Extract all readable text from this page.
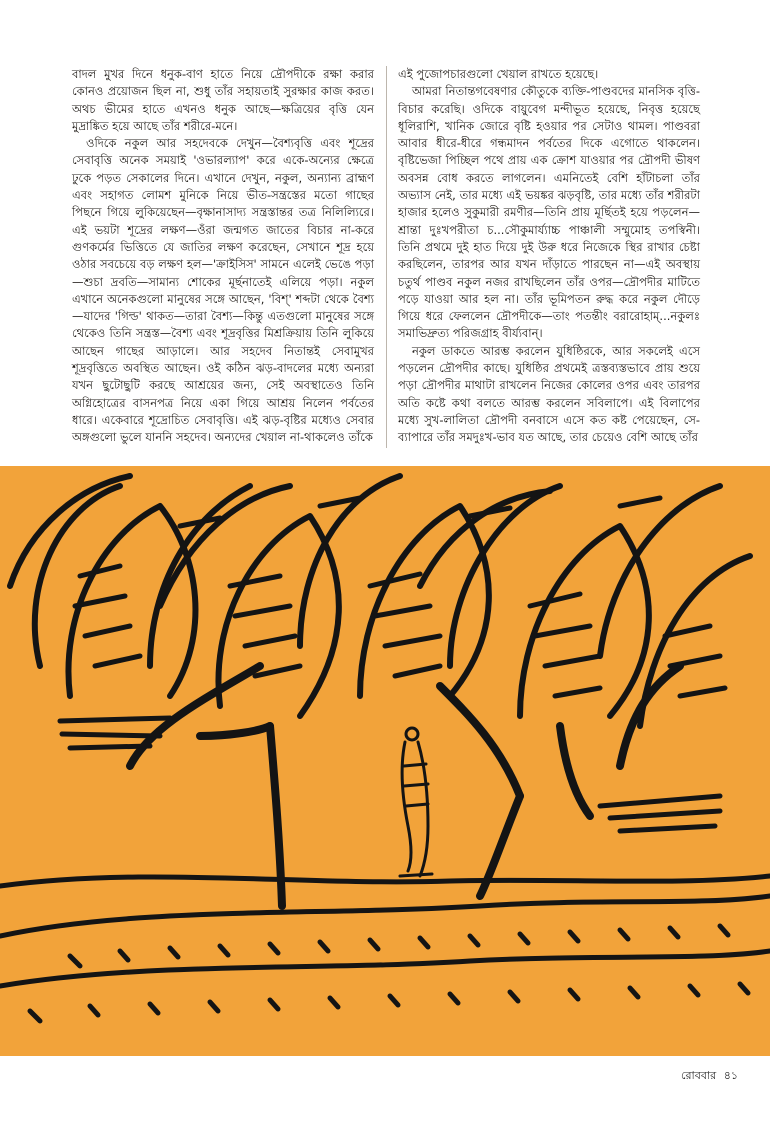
বাদল মুখর দিনে ধনুক-বাণ হাতে নিয়ে দ্রৌপদীকে রক্ষা করার কোনও প্রয়োজন ছিল না, শুধু তাঁর সহায়তাই সুরক্ষার কাজ করত। অথচ ভীমের হাতে এখনও ধনুক আছে—ক্ষত্রিয়ের বৃত্তি যেন মুদ্রাঙ্কিত হয়ে আছে তাঁর শরীরে-মনে।

ওদিকে নকুল আর সহদেবকে দেখুন—বৈশ্যবৃত্তি এবং শূদ্রের সেবাবৃত্তি অনেক সময়াই 'ওভারল্যাপ' করে একে-অন্যের ক্ষেত্রে ঢুকে পড়ত সেকালের দিনে। এখানে দেখুন, নকুল, অন্যান্য ব্রাহ্মণ এবং সহাগত লোমশ মুনিকে নিয়ে ভীত-সন্ত্রস্তের মতো গাছের পিছনে গিয়ে লুকিয়েছেন—বৃক্ষানাসাদ্য সন্ত্রস্তান্তর তত্র নিলিল্যিরে। এই ভয়টা শূদ্রের লক্ষণ—ওঁরা জন্মগত জাতের বিচার না-করে গুণকর্মের ভিত্তিতে যে জাতির লক্ষণ করেছেন, সেখানে শূদ্র হয়ে ওঠার সবচেয়ে বড় লক্ষণ হল—'ক্রাইসিস' সামনে এলেই ভেঙে পড়া—শুচা দ্রবতি—সামান্য শোকের মূর্ছনাতেই এলিয়ে পড়া। নকুল এখানে অনেকগুলো মানুষের সঙ্গে আছেন, 'বিশ্' শব্দটা থেকে বৈশ্য—যাদের 'গিল্ড' থাকত—তারা বৈশ্য—কিন্তু এতগুলো মানুষের সঙ্গে থেকেও তিনি সন্ত্রস্ত—বৈশ্য এবং শূদ্রবৃত্তির মিশ্রক্রিয়ায় তিনি লুকিয়ে আছেন গাছের আড়ালে। আর সহদেব নিতান্তই সেবামুখর শূদ্রবৃত্তিতে অবস্থিত আছেন। ওই কঠিন ঝড়-বাদলের মধ্যে অন্যরা যখন ছুটোছুটি করছে আশ্রয়ের জন্য, সেই অবস্থাতেও তিনি অগ্নিহোত্রের বাসনপত্র নিয়ে একা গিয়ে আশ্রয় নিলেন পর্বতের ধারে। একেবারে শূদ্রোচিত সেবাবৃত্তি। এই ঝড়-বৃষ্টির মধ্যেও সেবার অঙ্গগুলো ভুলে যাননি সহদেব। অন্যদের খেয়াল না-থাকলেও তাঁকে

এই পুজোপচারগুলো খেয়াল রাখতে হয়েছে।

আমরা নিতান্তগবেষণার কৌতুকে ব্যক্তি-পাণ্ডবদের মানসিক বৃত্তি-বিচার করেছি। ওদিকে বায়ুবেগ মন্দীভূত হয়েছে, নিবৃত্ত হয়েছে ধূলিরাশি, খানিক জোরে বৃষ্টি হওয়ার পর সেটাও থামল। পাণ্ডবরা আবার ধীরে-ধীরে গন্ধমাদন পর্বতের দিকে এগোতে থাকলেন। বৃষ্টিভেজা পিচ্ছিল পথে প্রায় এক ক্রোশ যাওয়ার পর দ্রৌপদী ভীষণ অবসন্ন বোধ করতে লাগলেন। এমনিতেই বেশি হাঁটাচলা তাঁর অভ্যাস নেই, তার মধ্যে এই ভয়ঙ্কর ঝড়বৃষ্টি, তার মধ্যে তাঁর শরীরটা হাজার হলেও সুকুমারী রমণীর—তিনি প্রায় মূর্ছিতই হয়ে পড়লেন—শ্রান্তা দুঃখপরীতা চ...সৌকুমার্য্যাচ্চ পাঞ্চালী সম্মুমোহ তপস্বিনী। তিনি প্রথমে দুই হাত দিয়ে দুই উরু ধরে নিজেকে স্থির রাখার চেষ্টা করছিলেন, তারপর আর যখন দাঁড়াতে পারছেন না—এই অবস্থায় চতুর্থ পাণ্ডব নকুল নজর রাখছিলেন তাঁর ওপর—দ্রৌপদীর মাটিতে পড়ে যাওয়া আর হল না। তাঁর ভূমিপতন রুদ্ধ করে নকুল দৌড়ে গিয়ে ধরে ফেললেন দ্রৌপদীকে—তাং পতন্তীং বরারোহাম্...নকুলঃ সমাভিদ্রুত্য পরিজগ্রাহ বীর্য্যবান্।

নকুল ডাকতে আরম্ভ করলেন যুধিষ্ঠিরকে, আর সকলেই এসে পড়লেন দ্রৌপদীর কাছে। যুধিষ্ঠির প্রথমেই ত্রস্তব্যস্তভাবে প্রায় শুয়ে পড়া দ্রৌপদীর মাথাটা রাখলেন নিজের কোলের ওপর এবং তারপর অতি কষ্টে কথা বলতে আরম্ভ করলেন সবিলাপে। এই বিলাপের মধ্যে সুখ-লালিতা দ্রৌপদী বনবাসে এসে কত কষ্ট পেয়েছেন, সে-ব্যাপারে তাঁর সমদুঃখ-ভাব যত আছে, তার চেয়েও বেশি আছে তাঁর

রোববার ৪১
